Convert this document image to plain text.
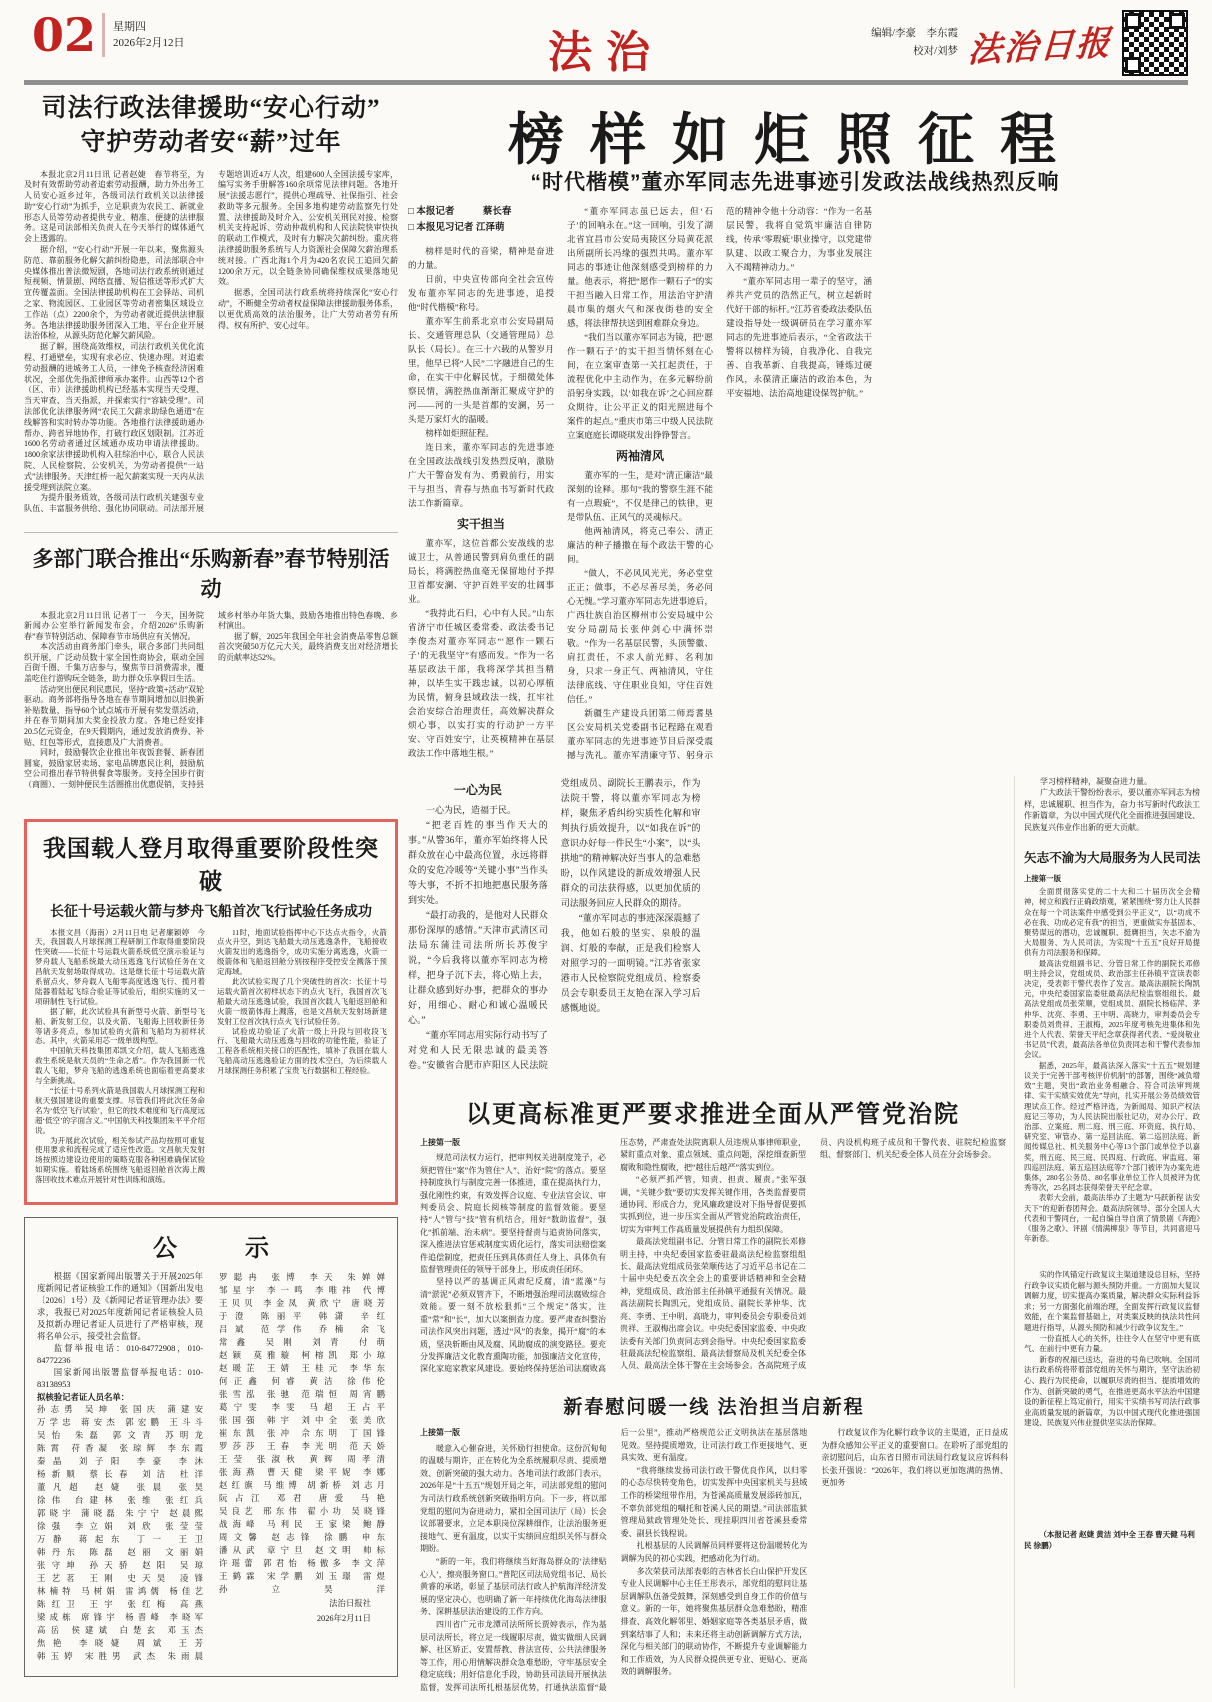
02 星期四
2026年2月12日	法治	编辑/李豪　李东霞
校对/刘梦 法治日报
司法行政法律援助“安心行动”
守护劳动者安“薪”过年

本报北京2月11日讯 记者赵婕　春节将至，为及时有效帮助劳动者追索劳动报酬，助力外出务工人员安心返乡过年，各级司法行政机关以法律援助“安心行动”为抓手，立足职责为农民工、新就业形态人员等劳动者提供专业、精准、便捷的法律服务。这是司法部相关负责人在今天举行的媒体通气会上透露的。

据介绍，“安心行动”开展一年以来，聚焦源头防范、靠前服务化解欠薪纠纷隐患，司法部联合中央媒体推出普法微短剧，各地司法行政系统则通过短视频、情景剧、网络直播、短信推送等形式扩大宣传覆盖面。全国法律援助机构在工会驿站、司机之家、物流园区、工业园区等劳动者密集区域设立工作站（点）2200余个，为劳动者就近提供法律服务。各地法律援助服务团深入工地、平台企业开展法治体检，从源头防范化解欠薪风险。

据了解，围绕高效维权，司法行政机关优化流程、打通壁垒，实现有求必应、快速办理。对追索劳动报酬的进城务工人员，一律免予核查经济困难状况，全部优先指派律师承办案件。山西等12个省（区、市）法律援助机构已经基本实现当天受理、当天审查、当天指派，并探索实行“容缺受理”。司法部优化法律服务网“农民工欠薪求助绿色通道”在线解答和实时转办等功能。各地推行法律援助通办帮办、跨省异地协作，打破行政区划限制。江苏近1600名劳动者通过区域通办成功申请法律援助。1800余家法律援助机构入驻综治中心，联合人民法院、人民检察院、公安机关，为劳动者提供“一站式”法律服务。天津红桥一起欠薪案实现一天内从法援受理到法院立案。

为提升服务质效，各级司法行政机关建强专业队伍、丰富服务供给、强化协同联动。司法部开展专题培训近4万人次，组建600人全国法援专家库，编写实务手册解答160余项常见法律问题。各地开展“法援志愿行”，提供心理疏导、社保指引、社会救助等多元服务。全国多地构建劳动监察先行处置、法律援助及时介入、公安机关刑民对接、检察机关支持起诉、劳动仲裁机构和人民法院快审快执的联动工作模式，及时有力解决欠薪纠纷。重庆将法律援助服务系统与人力资源社会保障欠薪治理系统对接。广西北海1个月为420名农民工追回欠薪1200余万元，以全链条协同确保维权成果落地见效。

据悉，全国司法行政系统将持续深化“安心行动”，不断健全劳动者权益保障法律援助服务体系，以更优质高效的法治服务，让广大劳动者劳有所得、权有所护、安心过年。

多部门联合推出“乐购新春”春节特别活动

本报北京2月11日讯 记者丁一　今天，国务院新闻办公室举行新闻发布会，介绍2026“乐购新春”春节特别活动、保障春节市场供应有关情况。

本次活动由商务部门牵头，联合多部门共同组织开展，广泛动员数十家全国性商协会，联动全国百街千圈、千集万店参与，聚焦节日消费需求，覆盖吃住行游购玩全链条，助力群众乐享假日生活。

活动突出便民利民惠民，坚持“政策+活动”双轮驱动。商务部将指导各地在春节期间增加以旧换新补贴数量，指导60个试点城市开展有奖发票活动，并在春节期间加大奖金投放力度。各地已经安排20.5亿元资金，在9天假期内，通过发放消费券、补贴、红包等形式，直接惠及广大消费者。

同时，鼓励餐饮企业推出年夜饭套餐、新春团圆宴，鼓励家居卖场、家电品牌惠民让利，鼓励航空公司推出春节特供餐食等服务。支持全国步行街（商圈）、一刻钟便民生活圈推出优惠促销，支持县域乡村举办年货大集，鼓励各地推出特色春晚、乡村演出。

据了解，2025年我国全年社会消费品零售总额首次突破50万亿元大关，最终消费支出对经济增长的贡献率达52%。

我国载人登月取得重要阶段性突破
长征十号运载火箭与梦舟飞船首次飞行试验任务成功

本报文昌（海南）2月11日电 记者廉颖婷　今天，我国载人月球探测工程研制工作取得重要阶段性突破——长征十号运载火箭系统低空演示验证与梦舟载人飞船系统最大动压逃逸飞行试验任务在文昌航天发射场取得成功。这是继长征十号运载火箭系留点火、梦舟载人飞船零高度逃逸飞行、揽月着陆器着陆起飞综合验证等试验后，组织实施的又一项研制性飞行试验。

据了解，此次试验具有新型号火箭、新型号飞船、新发射工位，以及火箭、飞船海上回收新任务等诸多亮点。参加试验的火箭和飞船均为初样状态。其中，火箭采用芯一级单级构型。

中国航天科技集团邓凯文介绍，载人飞船逃逸救生系统是航天员的“生命之盾”。作为我国新一代载人飞船，梦舟飞船的逃逸系统也面临着更高要求与全新挑战。

“长征十号系列火箭是我国载人月球探测工程和航天强国建设的重要支撑。尽管我们将此次任务命名为‘低空飞行试验’，但它的技术难度和飞行高度远超‘低空’的字面含义。”中国航天科技集团朱平平介绍说。

为开展此次试验，相关参试产品均按照可重复使用要求和流程完成了适应性改造。文昌航天发射场按照边建设边使用的策略克服各种困难确保试验如期实施。着陆场系统围绕飞船返回舱首次海上溅落回收技术难点开展针对性训练和演练。

11时，地面试验指挥中心下达点火指令，火箭点火升空，到达飞船最大动压逃逸条件，飞船接收火箭发出的逃逸指令，成功实施分离逃逸，火箭一级箭体和飞船返回舱分别按程序受控安全溅落于预定海域。

此次试验实现了几个突破性的首次：长征十号运载火箭首次初样状态下的点火飞行，我国首次飞船最大动压逃逸试验，我国首次载人飞船返回舱和火箭一级箭体海上溅落，也是文昌航天发射场新建发射工位首次执行点火飞行试验任务。

试验成功验证了火箭一级上升段与回收段飞行、飞船最大动压逃逸与回收的功能性能，验证了工程各系统相关接口的匹配性，填补了我国在载人飞船高动压逃逸验证方面的技术空白，为后续载人月球探测任务积累了宝贵飞行数据和工程经验。

公　示

根据《国家新闻出版署关于开展2025年度新闻记者证核验工作的通知》（国新出发电〔2026〕1号）及《新闻记者证管理办法》要求，我报已对2025年度新闻记者证核验人员及拟新办理记者证人员进行了严格审核，现将名单公示，接受社会监督。

监督举报电话：010-84772908，010-84772236

国家新闻出版署监督举报电话：010-83138953

拟核验记者证人员名单：
孙志勇 吴坤 张国庆 蒲建安
万学忠 蒋安杰 郭宏鹏 王斗斗
吴怡 朱磊 郭文青 苏明龙
陈霄 苻香凝 张琼辉 李东霞
秦晶 刘子阳 李豪 李沐
杨新顺 蔡长春 刘洁 杜洋
董凡超 赵婕 张晨 张昊
徐伟 台建林 张维 张红兵
郭晓宇 蒲晓磊 朱宁宁 赵晨熙
徐强 李立娟 刘欣 张莹莹
万静 蒋起东 丁一 王卫
韩丹东 陈磊 赵丽 文丽娟
张守坤 孙天骄 赵阳 吴琼
王艺茗 王刚 史天昊 凌锋
林楠特 马树娟 雷鸿儒 杨佳艺
陈红卫 王宇 张红梅 高燕
梁成栋 席锋宇 杨晋峰 李晓军
高岳 侯建斌 白楚玄 邓玉杰
焦艳 李晓婕 周斌 王芳
韩玉婷 宋胜男 武杰 朱雨晨
罗聪冉 张博 李天 朱婵婵
邹星宇 李一鸣 李唯祎 代博
王贝贝 李金凤 黄欣宁 唐晓芳
于澄 陈丽平 韩潇 辛红
吕斌 范学伟 乔楠 余飞
常鑫 吴刚 刘青 付萌
赵颖 莫雅璇 柯榕凯 郑小琼
赵暖芷 王婧 王桂元 李华东
何正鑫 何睿 黄洁 徐伟伦
张雪泓 张驰 范瑞恒 周宵鹏
葛宁雯 李雯 马超 王占平
张国强 韩宇 刘中全 张美欣
崔东凯 张冲 佘东明 丁国锋
罗莎莎 王春 李光明 范天娇
王莹 张淑秋 黄辉 周孝清
张海燕 曹天健 梁平妮 李娜
赵红旗 马维博 胡新桥 刘志月
阮占江 邓君 唐爱 马艳
吴良艺 邢东伟 翟小功 吴晓锋
战海峰 马利民 王家梁 鲍静
周文馨 赵志锋 徐鹏 申东
潘从武 章宁旦 赵文明 帅标
许瑶蕾 郭君怡 杨傲多 李文萍
王鹤霖 宋学鹏 刘玉璟 雷煜
孙立昊洋
法治日报社
2026年2月11日
榜样如炬照征程
“时代楷模”董亦军同志先进事迹引发政法战线热烈反响
□ 本报记者　　　蔡长春
□ 本报见习记者 江泽萌

榜样是时代的音梁，精神是奋进的力量。

日前，中央宣传部向全社会宣传发布董亦军同志的先进事迹，追授他“时代楷模”称号。

董亦军生前系北京市公安局副局长、交通管理总队（交通管理局）总队长（局长）。在三十六载的从警岁月里，他早已将“人民”二字融进自己的生命，在实干中化解民忧，于细微处体察民情，满腔热血渐渐汇聚成守护的河——河的一头是首都的安澜，另一头是万家灯火的温暖。

榜样如炬照征程。

连日来，董亦军同志的先进事迹在全国政法战线引发热烈反响，激励广大干警奋发有为、勇毅前行，用实干与担当、青春与热血书写新时代政法工作新篇章。

实干担当

董亦军，这位首都公安战线的忠诚卫士，从普通民警到肩负重任的副局长，将满腔热血毫无保留地付予捍卫首都安澜、守护百姓平安的壮阔事业。

“我持此石归，心中有人民。”山东省济宁市任城区委常委、政法委书记李俊杰对董亦军同志“‘愿作一颗石子’的无我坚守”有感而发。“作为一名基层政法干部，我将深学其担当精神，以毕生实干践忠诚，以初心厚植为民情，俯身县域政法一线，扛牢社会治安综合治理责任，高效解决群众烦心事，以实打实的行动护一方平安、守百姓安宁，让英模精神在基层政法工作中落地生根。”

“董亦军同志虽已远去，但‘石子’的回响永在。”这一回响，引发了湖北省宜昌市公安局夷陵区分局黄花派出所副所长冯缘的强烈共鸣。董亦军同志的事迹让他深刻感受到榜样的力量。他表示，将把“愿作一颗石子”的实干担当融入日常工作，用法治守护清晨市集的烟火气和深夜街巷的安全感，将法律帮扶送到困难群众身边。

“我们当以董亦军同志为镜，把‘愿作一颗石子’的实干担当情怀刻在心间，在立案审查第一关扛起责任，于流程优化中主动作为，在多元解纷前沿躬身实践，以‘如我在诉’之心回应群众期待，让公平正义的阳光照进每个案件的起点。”重庆市第三中级人民法院立案庭庭长谭晓琪发出铮铮誓言。

两袖清风

董亦军的一生，是对“清正廉洁”最深刻的诠释。那句“我的警察生涯不能有一点瑕疵”，不仅是律己的铁律，更是带队伍、正风气的灵魂标尺。

他两袖清风，将克己奉公、清正廉洁的种子播撒在每个政法干警的心间。

“做人，不必风风光光，务必堂堂正正；做事，不必尽善尽美，务必问心无愧。”学习董亦军同志先进事迹后，广西壮族自治区柳州市公安局城中公安分局副局长张仲剑心中满怀崇敬。“作为一名基层民警，头顶警徽、肩扛责任，不求人前光鲜、名利加身，只求一身正气、两袖清风，守住法律底线、守住职业良知，守住百姓信任。”

新疆生产建设兵团第二师焉耆垦区公安局机关党委副书记程路在观看董亦军同志的先进事迹节目后深受震撼与洗礼。董亦军清廉守节、躬身示范的精神令他十分动容：“作为一名基层民警，我将自觉筑牢廉洁自律防线，传承‘零瑕疵’职业操守，以党建带队建、以政工聚合力，为事业发展注入不竭精神动力。”

“董亦军同志用一辈子的坚守，涵养共产党员的浩然正气，树立起新时代好干部的标杆。”江苏省委政法委队伍建设指导处一级调研员在学习董亦军同志的先进事迹后表示，“全省政法干警将以榜样为镜，自我净化、自我完善、自我革新、自我提高，锤炼过硬作风，永葆清正廉洁的政治本色，为平安福地、法治高地建设保驾护航。”

一心为民

一心为民，造福于民。

“把老百姓的事当作天大的事。”从警36年，董亦军始终将人民群众放在心中最高位置，永远将群众的安危冷暖等“关键小事”当作头等大事，不折不扣地把惠民服务落到实处。

“最打动我的，是他对人民群众那份深厚的感情。”天津市武清区司法局东蒲洼司法所所长苏俊宇说，“今后我将以董亦军同志为榜样，把身子沉下去，将心贴上去，让群众感到好办事，把群众的事办好，用细心、耐心和诚心温暖民心。”

“董亦军同志用实际行动书写了对党和人民无限忠诚的最美答卷。”安徽省合肥市庐阳区人民法院党组成员、副院长王鹏表示，作为法院干警，将以董亦军同志为榜样，聚焦矛盾纠纷实质性化解和审判执行质效提升，以“如我在诉”的意识办好每一件民生“小案”，以“头拱地”的精神解决好当事人的急难愁盼，以作风建设的新成效增强人民群众的司法获得感，以更加优质的司法服务回应人民群众的期待。

“董亦军同志的事迹深深震撼了我，他如石般的坚实、泉般的温润、灯般的奉献，正是我们检察人对照学习的一面明镜。”江苏省张家港市人民检察院党组成员、检察委员会专职委员王友艳在深入学习后感慨地说。

学习榜样精神，凝聚奋进力量。

广大政法干警纷纷表示，要以董亦军同志为榜样，忠诚履职、担当作为，奋力书写新时代政法工作新篇章，为以中国式现代化全面推进强国建设、民族复兴伟业作出新的更大贡献。

矢志不渝为大局服务为人民司法
上接第一版

全面贯彻落实党的二十大和二十届历次全会精神，树立和践行正确政绩观，紧紧围绕“努力让人民群众在每一个司法案件中感受到公平正义”，以“功成不必在我、功成必定有我”的担当，更重做实夯基固本、聚势谋远的潜功，忠诚履职、挺膺担当，矢志不渝为大局服务、为人民司法，为实现“十五五”良好开局提供有力司法服务和保障。

最高法党组副书记、分管日常工作的副院长邓修明主持会议，党组成员、政治部主任孙镇平宣读表彰决定，受表彰干警代表作了发言。最高法副院长陶凯元，中央纪委国家监委驻最高法纪检监察组组长、最高法党组成员张荣顺，党组成员、副院长杨临萍、茅仲华、沈亮、李勇、王中明、高晓力，审判委员会专职委员刘贵祥、王淑梅，2025年度考核先进集体和先进个人代表、荣誉天平纪念章获得者代表、“爱岗敬业书记员”代表，最高法各单位负责同志和干警代表参加会议。

据悉，2025年，最高法深入落实“十五五”规划建议关于“完善干部考核评价机制”的部署，围绕“减负增效”主题，突出“政治业务相融合、符合司法审判规律、实干实绩实效优先”导向，扎实开展公务员绩效管理试点工作。经过严格评选，为新闻局、知识产权法庭记三等功，为人民法院出版社记功，对办公厅、政治部、立案庭、刑二庭、刑三庭、环资庭、执行局、研究室、审管办、第一巡回法庭、第二巡回法庭、新闻传媒总社、机关服务中心等13个部门或单位予以嘉奖，刑五庭、民三庭、民四庭、行政庭、审监庭、第四巡回法庭、第五巡回法庭等7个部门被评为办案先进集体，280名公务员、80名事业单位工作人员被评为优秀等次，25名同志获得荣誉天平纪念章。

表彰大会前，最高法举办了主题为“马跃新程 法安天下”的迎新春团拜会。最高法院领导、部分全国人大代表和干警同台，一起自编自导自演了情景剧《奔跑》《服务之歌》、评剧《情满柳泉》等节目，共同喜迎马年新春。

实的作风锚定行政复议主渠道建设总目标，坚持行政争议实质化解与源头预防并重。一方面加大复议调解力度，切实提高办案质量，解决群众实际利益诉求；另一方面强化前端治理，全面发挥行政复议监督效能，在个案监督基础上，对类案反映的执法共性问题进行指导，从源头预防和减少行政争议发生。”

一份直抵人心的关怀，往往令人在坚守中更有底气、在前行中更有力量。

新春的祝福已送达，奋进的号角已吹响。全国司法行政系统将带着部党组的关怀与期许，坚守法治初心、践行为民使命，以履职尽责的担当、提质增效的作为、创新突破的勇气，在推进更高水平法治中国建设的新征程上笃定前行，用实干实绩书写司法行政事业高质量发展的新篇章，为以中国式现代化推进强国建设、民族复兴伟业提供坚实法治保障。

（本报记者 赵婕 黄洁 刘中全 王春 曹天健 马利民 徐鹏）
以更高标准更严要求推进全面从严管党治院
上接第一版

规范司法权力运行，把审判权关进制度笼子，必须把管住“案”作为管住“人”、治好“院”的落点。要坚持制度执行与制度完善一体推进，重在提高执行力，强化刚性约束，有效发挥合议庭、专业法官会议、审判委员会、院庭长阅核等制度的监督效能。要坚持“人”管与“技”管有机结合，用好“数助监督”，强化“抓前端、治未病”。要坚持督责与追责协同落实，深入推进法官惩戒制度实质化运行，落实司法赔偿案件追偿制度，把责任压到具体责任人身上、具体负有监督管理责任的领导干部身上，形成责任闭环。

坚持以严的基调正风肃纪反腐，清“蓝藻”与清“淤泥”必须双管齐下，不断增强治理司法腐败综合效能。要一刻不放松狠抓“三个规定”落实，注重“常”和“长”，加大以案倒查力度。要严肃查纠整治司法作风突出问题，透过“风”的表象，揭开“腐”的本质，坚决斩断由风及腐、风助腐成的演变路径。要充分发挥廉洁文化教育熏陶功能，加强廉洁文化宣传，深化家庭家教家风建设。要始终保持惩治司法腐败高压态势，严肃查处法院离职人员违规从事律师职业，紧盯重点对象、重点领域、重点问题，深挖细查新型腐败和隐性腐败，把“越往后越严”落实到位。

“必须严抓严管，知责、担责、履责。”张军强调，“关键少数”要切实发挥关键作用，各类监督要贯通协同、形成合力，党风廉政建设对下指导督促要抓实抓到位，进一步压实全面从严管党治院政治责任，切实为审判工作高质量发展提供有力组织保障。

最高法党组副书记、分管日常工作的副院长邓修明主持，中央纪委国家监委驻最高法纪检监察组组长、最高法党组成员张荣顺传达了习近平总书记在二十届中央纪委五次全会上的重要讲话精神和全会精神，党组成员、政治部主任孙镇平通报有关情况。最高法副院长陶凯元，党组成员、副院长茅仲华、沈亮、李勇、王中明、高晓力，审判委员会专职委员刘贵祥、王淑梅出席会议。中央纪委国家监委、中央政法委有关部门负责同志到会指导。中央纪委国家监委驻最高法纪检监察组、最高法督察局及机关纪委全体人员、最高法全体干警在主会场参会。各高院班子成员、内设机构班子成员和干警代表、驻院纪检监察组、督察部门、机关纪委全体人员在分会场参会。

新春慰问暖一线 法治担当启新程
上接第一版

暖意入心催奋进，关怀励行担使命。这份沉甸甸的温暖与期许，正在转化为全系统履职尽责、提质增效、创新突破的强大动力。各地司法行政部门表示，2026年是“十五五”规划开局之年，司法部党组的慰问为司法行政系统创新突破指明方向。下一步，将以部党组的慰问为奋进动力，紧扣全国司法厅（局）长会议部署要求，立足本职岗位深耕细作，让法治服务更接地气、更有温度，以实干实绩回应组织关怀与群众期盼。

“新的一年，我们将继续当好海岛群众的‘法律贴心人’，擦亮服务窗口。”普陀区司法局党组书记、局长黄睿的承诺，彰显了基层司法行政人护航海洋经济发展的坚定决心，也明确了新一年持续优化海岛法律服务、深耕基层法治建设的工作方向。

四川省广元市龙潭司法所所长贾婷表示，作为基层司法所长，将立足一线履职尽责，做实做细人民调解、社区矫正、安置帮教、普法宣传、公共法律服务等工作，用心用情解决群众急难愁盼，守牢基层安全稳定底线；用好信息化手段，协助县司法局开展执法监督，发挥司法所扎根基层优势，打通执法监督“最后一公里”，推动严格规范公正文明执法在基层落地见效。坚持提质增效，让司法行政工作更接地气、更具实效、更有温度。

“我将继续发扬司法行政干警优良作风，以归零的心态尽快转变角色，切实发挥中央国家机关与县域工作的桥梁纽带作用，为苍溪高质量发展添砖加瓦，不辜负部党组的嘱托和苍溪人民的期望。”司法部监狱管理局狱政管理处处长、现挂职四川省苍溪县委常委、副县长钱程说。

扎根基层的人民调解员同样要将这份温暖转化为调解为民的初心实践，把感动化为行动。

多次荣获司法部表彰的吉林省长白山保护开发区专业人民调解中心主任王彤表示，部党组的慰问让基层调解队伍备受鼓舞，深刻感受到自身工作的价值与意义。新的一年，她将聚焦基层群众急难愁盼，精准排查、高效化解邻里、婚姻家庭等各类基层矛盾，做到案结事了人和；未来还将主动创新调解方式方法，深化与相关部门的联动协作，不断提升专业调解能力和工作质效，为人民群众提供更专业、更贴心、更高效的调解服务。

行政复议作为化解行政争议的主渠道，正日益成为群众感知公平正义的重要窗口。在聆听了部党组的亲切慰问后，山东省日照市司法局行政复议应诉科科长张开强说：“2026年，我们将以更加饱满的热情、更加务
